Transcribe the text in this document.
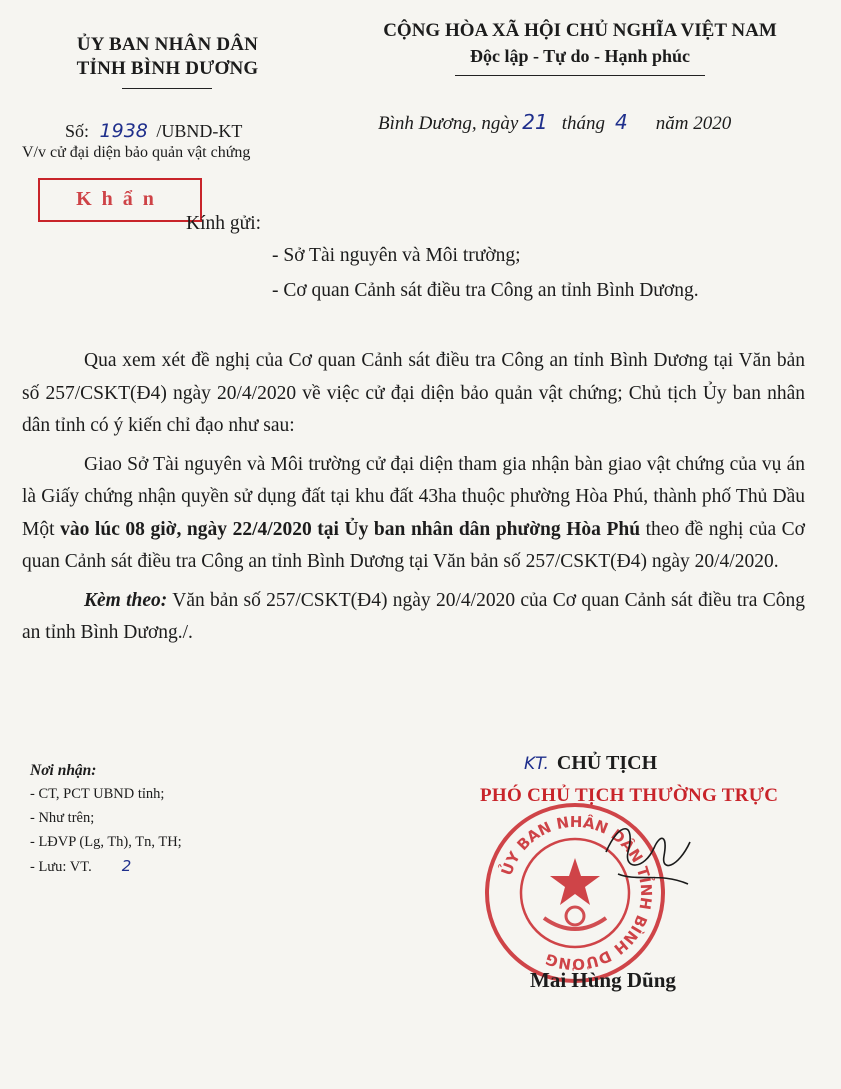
ỦY BAN NHÂN DÂN
TỈNH BÌNH DƯƠNG
CỘNG HÒA XÃ HỘI CHỦ NGHĨA VIỆT NAM
Độc lập - Tự do - Hạnh phúc
Số: 1938 /UBND-KT
V/v cử đại diện bảo quản vật chứng
Khẩn
Bình Dương, ngày 21 tháng 4 năm 2020
Kính gửi:
- Sở Tài nguyên và Môi trường;
- Cơ quan Cảnh sát điều tra Công an tỉnh Bình Dương.

Qua xem xét đề nghị của Cơ quan Cảnh sát điều tra Công an tỉnh Bình Dương tại Văn bản số 257/CSKT(Đ4) ngày 20/4/2020 về việc cử đại diện bảo quản vật chứng; Chủ tịch Ủy ban nhân dân tỉnh có ý kiến chỉ đạo như sau:

Giao Sở Tài nguyên và Môi trường cử đại diện tham gia nhận bàn giao vật chứng của vụ án là Giấy chứng nhận quyền sử dụng đất tại khu đất 43ha thuộc phường Hòa Phú, thành phố Thủ Dầu Một vào lúc 08 giờ, ngày 22/4/2020 tại Ủy ban nhân dân phường Hòa Phú theo đề nghị của Cơ quan Cảnh sát điều tra Công an tỉnh Bình Dương tại Văn bản số 257/CSKT(Đ4) ngày 20/4/2020.

Kèm theo: Văn bản số 257/CSKT(Đ4) ngày 20/4/2020 của Cơ quan Cảnh sát điều tra Công an tỉnh Bình Dương./.

Nơi nhận:
- CT, PCT UBND tỉnh;
- Như trên;
- LĐVP (Lg, Th), Tn, TH;
- Lưu: VT. 2
KT. CHỦ TỊCH
PHÓ CHỦ TỊCH THƯỜNG TRỰC
ỦY BAN NHÂN DÂN TỈNH BÌNH DƯƠNG
Mai Hùng Dũng
